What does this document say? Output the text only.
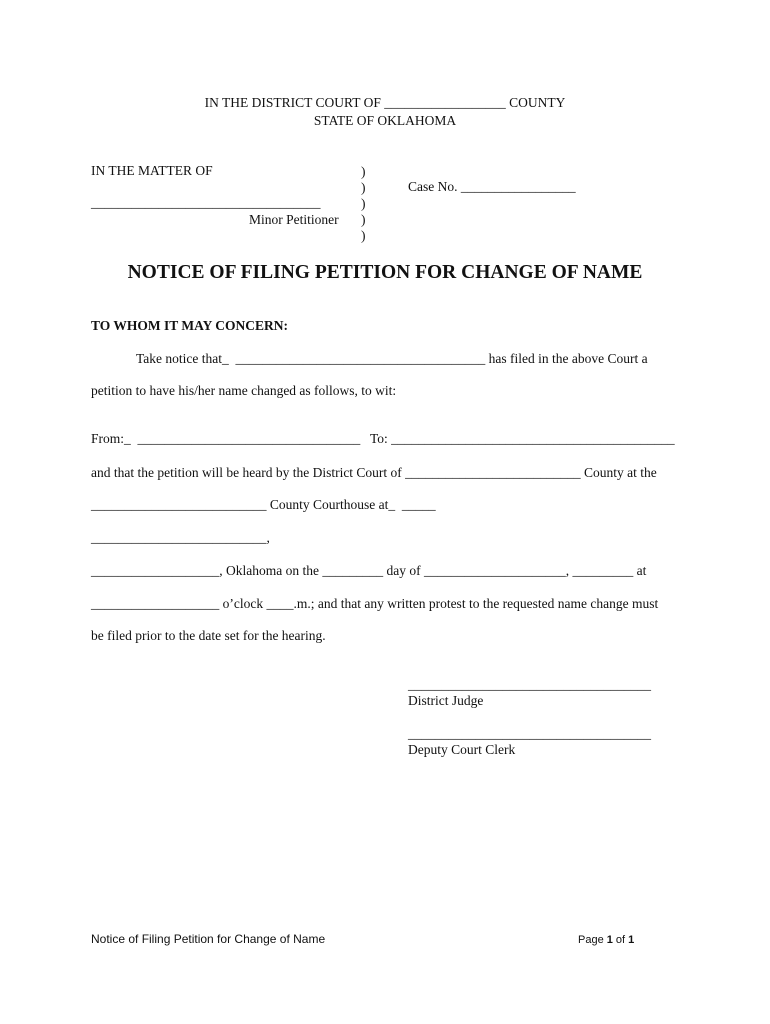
IN THE DISTRICT COURT OF __________________ COUNTY
STATE OF OKLAHOMA
IN THE MATTER OF	)
)
)
)
)
Case No. _________________
__________________________________
Minor Petitioner
NOTICE OF FILING PETITION FOR CHANGE OF NAME
TO WHOM IT MAY CONCERN:
Take notice that_  _____________________________________ has filed in the above Court a
petition to have his/her name changed as follows, to wit:
From:_  _________________________________ To: __________________________________________
and that the petition will be heard by the District Court of __________________________ County at the
__________________________ County Courthouse at_  _____
__________________________,
___________________, Oklahoma on the _________ day of _____________________, _________ at
___________________ o’clock ____.m.; and that any written protest to the requested name change must
be filed prior to the date set for the hearing.
____________________________________
District Judge
____________________________________
Deputy Court Clerk
Notice of Filing Petition for Change of Name	Page 1 of 1
